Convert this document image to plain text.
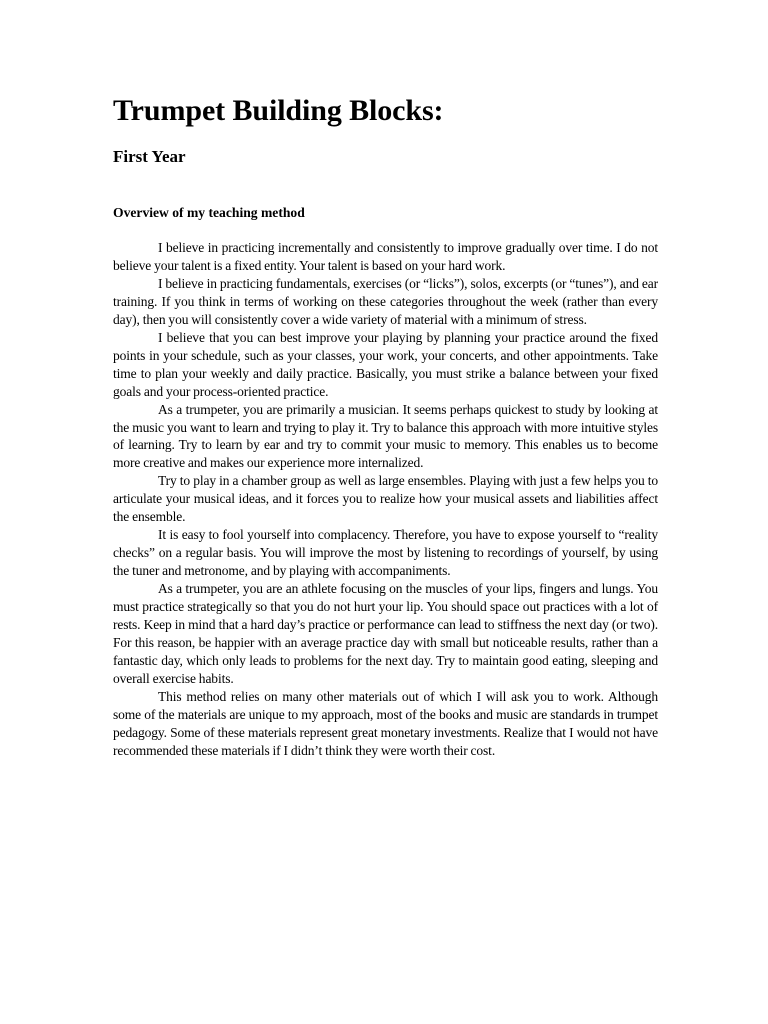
Trumpet Building Blocks:
First Year
Overview of my teaching method

I believe in practicing incrementally and consistently to improve gradually over time. I do not believe your talent is a fixed entity. Your talent is based on your hard work.

I believe in practicing fundamentals, exercises (or “licks”), solos, excerpts (or “tunes”), and ear training. If you think in terms of working on these categories throughout the week (rather than every day), then you will consistently cover a wide variety of material with a minimum of stress.

I believe that you can best improve your playing by planning your practice around the fixed points in your schedule, such as your classes, your work, your concerts, and other appointments. Take time to plan your weekly and daily practice. Basically, you must strike a balance between your fixed goals and your process-oriented practice.

As a trumpeter, you are primarily a musician. It seems perhaps quickest to study by looking at the music you want to learn and trying to play it. Try to balance this approach with more intuitive styles of learning. Try to learn by ear and try to commit your music to memory. This enables us to become more creative and makes our experience more internalized.

Try to play in a chamber group as well as large ensembles. Playing with just a few helps you to articulate your musical ideas, and it forces you to realize how your musical assets and liabilities affect the ensemble.

It is easy to fool yourself into complacency. Therefore, you have to expose yourself to “reality checks” on a regular basis. You will improve the most by listening to recordings of yourself, by using the tuner and metronome, and by playing with accompaniments.

As a trumpeter, you are an athlete focusing on the muscles of your lips, fingers and lungs. You must practice strategically so that you do not hurt your lip. You should space out practices with a lot of rests. Keep in mind that a hard day’s practice or performance can lead to stiffness the next day (or two). For this reason, be happier with an average practice day with small but noticeable results, rather than a fantastic day, which only leads to problems for the next day. Try to maintain good eating, sleeping and overall exercise habits.

This method relies on many other materials out of which I will ask you to work. Although some of the materials are unique to my approach, most of the books and music are standards in trumpet pedagogy. Some of these materials represent great monetary investments. Realize that I would not have recommended these materials if I didn’t think they were worth their cost.
